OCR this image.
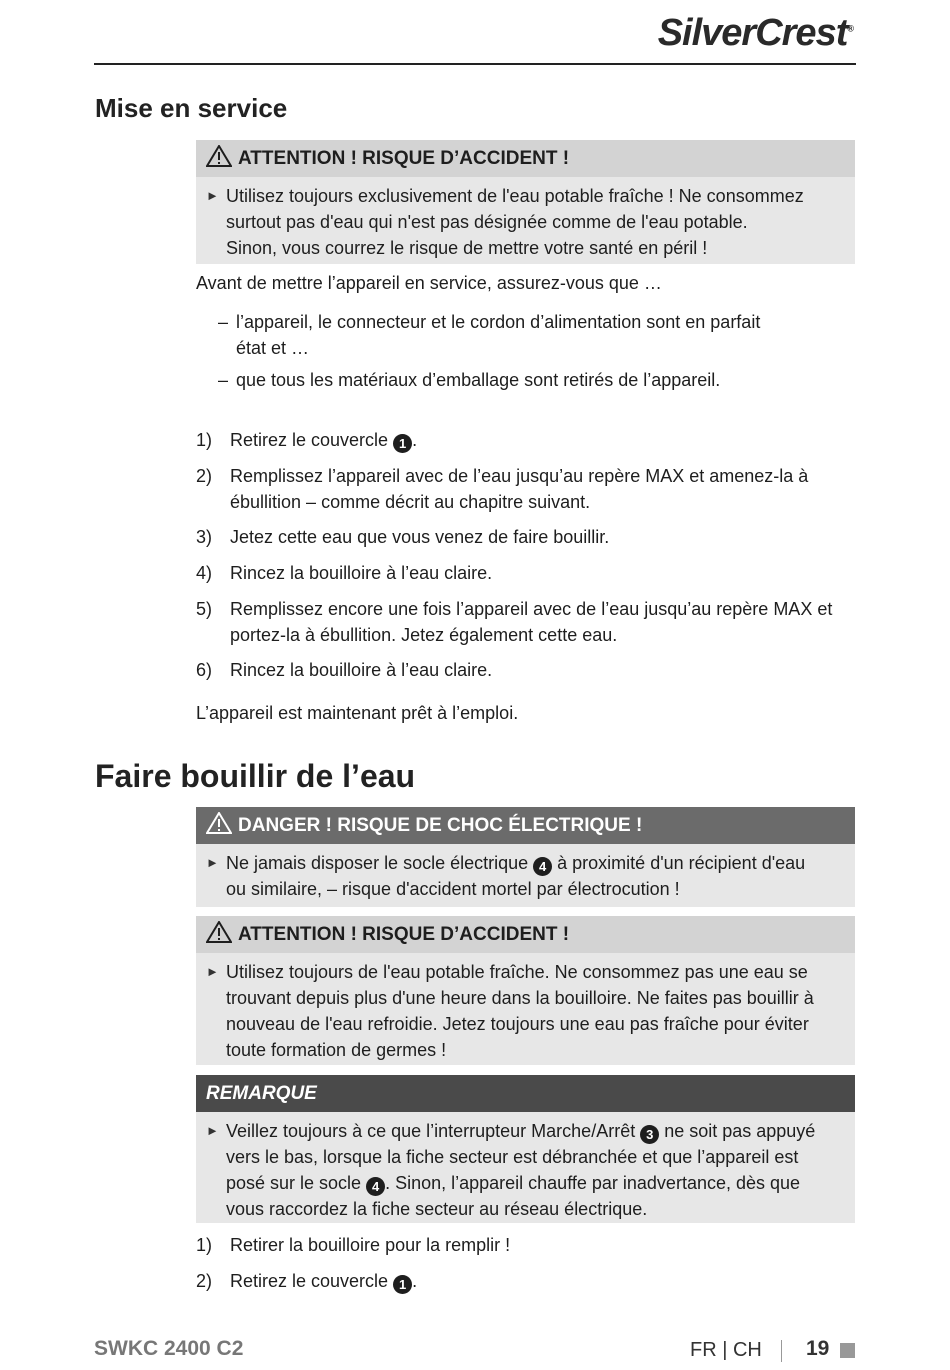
SilverCrest®
Mise en service
ATTENTION ! RISQUE D’ACCIDENT !
► Utilisez toujours exclusivement de l'eau potable fraîche ! Ne consommez
surtout pas d'eau qui n'est pas désignée comme de l'eau potable.
Sinon, vous courrez le risque de mettre votre santé en péril !

Avant de mettre l’appareil en service, assurez-vous que …

– l’appareil, le connecteur et le cordon d’alimentation sont en parfait
état et …
– que tous les matériaux d’emballage sont retirés de l’appareil.
1) Retirez le couvercle 1 .
2) Remplissez l’appareil avec de l’eau jusqu’au repère MAX et amenez-la à
ébullition – comme décrit au chapitre suivant.
3) Jetez cette eau que vous venez de faire bouillir.
4) Rincez la bouilloire à l’eau claire.
5) Remplissez encore une fois l’appareil avec de l’eau jusqu’au repère MAX et
portez-la à ébullition. Jetez également cette eau.
6) Rincez la bouilloire à l’eau claire.

L’appareil est maintenant prêt à l’emploi.

Faire bouillir de l’eau
DANGER ! RISQUE DE CHOC ÉLECTRIQUE !
► Ne jamais disposer le socle électrique 4 à proximité d'un récipient d'eau
ou similaire, – risque d'accident mortel par électrocution !
ATTENTION ! RISQUE D’ACCIDENT !
► Utilisez toujours de l'eau potable fraîche. Ne consommez pas une eau se
trouvant depuis plus d'une heure dans la bouilloire. Ne faites pas bouillir à
nouveau de l'eau refroidie. Jetez toujours une eau pas fraîche pour éviter
toute formation de germes !
REMARQUE
► Veillez toujours à ce que l’interrupteur Marche/Arrêt 3 ne soit pas appuyé
vers le bas, lorsque la fiche secteur est débranchée et que l’appareil est
posé sur le socle 4 . Sinon, l’appareil chauffe par inadvertance, dès que
vous raccordez la fiche secteur au réseau électrique.
1) Retirer la bouilloire pour la remplir !
2) Retirez le couvercle 1 .
SWKC 2400 C2	FR | CH 19
